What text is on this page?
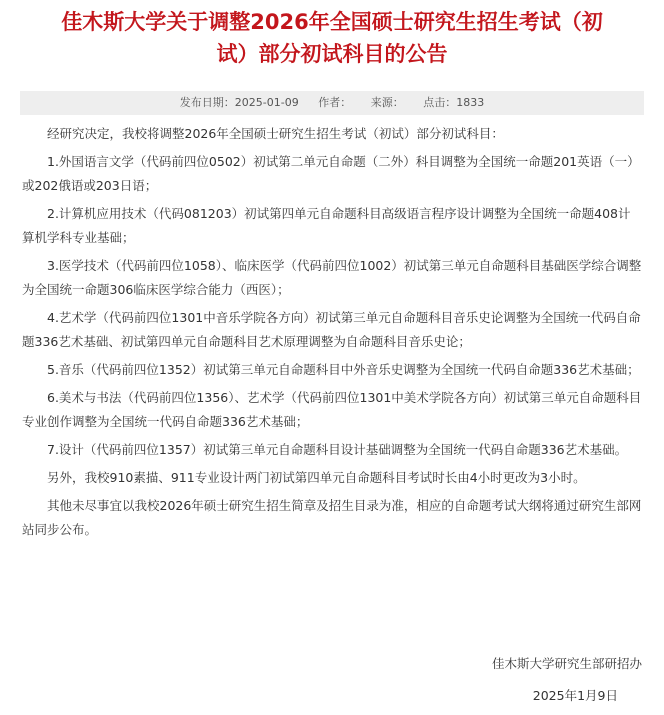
佳木斯大学关于调整2026年全国硕士研究生招生考试（初
试）部分初试科目的公告
发布日期：2025-01-09 作者： 来源： 点击：1833

经研究决定，我校将调整2026年全国硕士研究生招生考试（初试）部分初试科目：

1.外国语言文学（代码前四位0502）初试第二单元自命题（二外）科目调整为全国统一命题201英语（一）或202俄语或203日语；

2.计算机应用技术（代码081203）初试第四单元自命题科目高级语言程序设计调整为全国统一命题408计算机学科专业基础；

3.医学技术（代码前四位1058）、临床医学（代码前四位1002）初试第三单元自命题科目基础医学综合调整为全国统一命题306临床医学综合能力（西医）；

4.艺术学（代码前四位1301中音乐学院各方向）初试第三单元自命题科目音乐史论调整为全国统一代码自命题336艺术基础、初试第四单元自命题科目艺术原理调整为自命题科目音乐史论；

5.音乐（代码前四位1352）初试第三单元自命题科目中外音乐史调整为全国统一代码自命题336艺术基础；

6.美术与书法（代码前四位1356）、艺术学（代码前四位1301中美术学院各方向）初试第三单元自命题科目专业创作调整为全国统一代码自命题336艺术基础；

7.设计（代码前四位1357）初试第三单元自命题科目设计基础调整为全国统一代码自命题336艺术基础。

另外，我校910素描、911专业设计两门初试第四单元自命题科目考试时长由4小时更改为3小时。

其他未尽事宜以我校2026年硕士研究生招生简章及招生目录为准，相应的自命题考试大纲将通过研究生部网站同步公布。

佳木斯大学研究生部研招办
2025年1月9日
